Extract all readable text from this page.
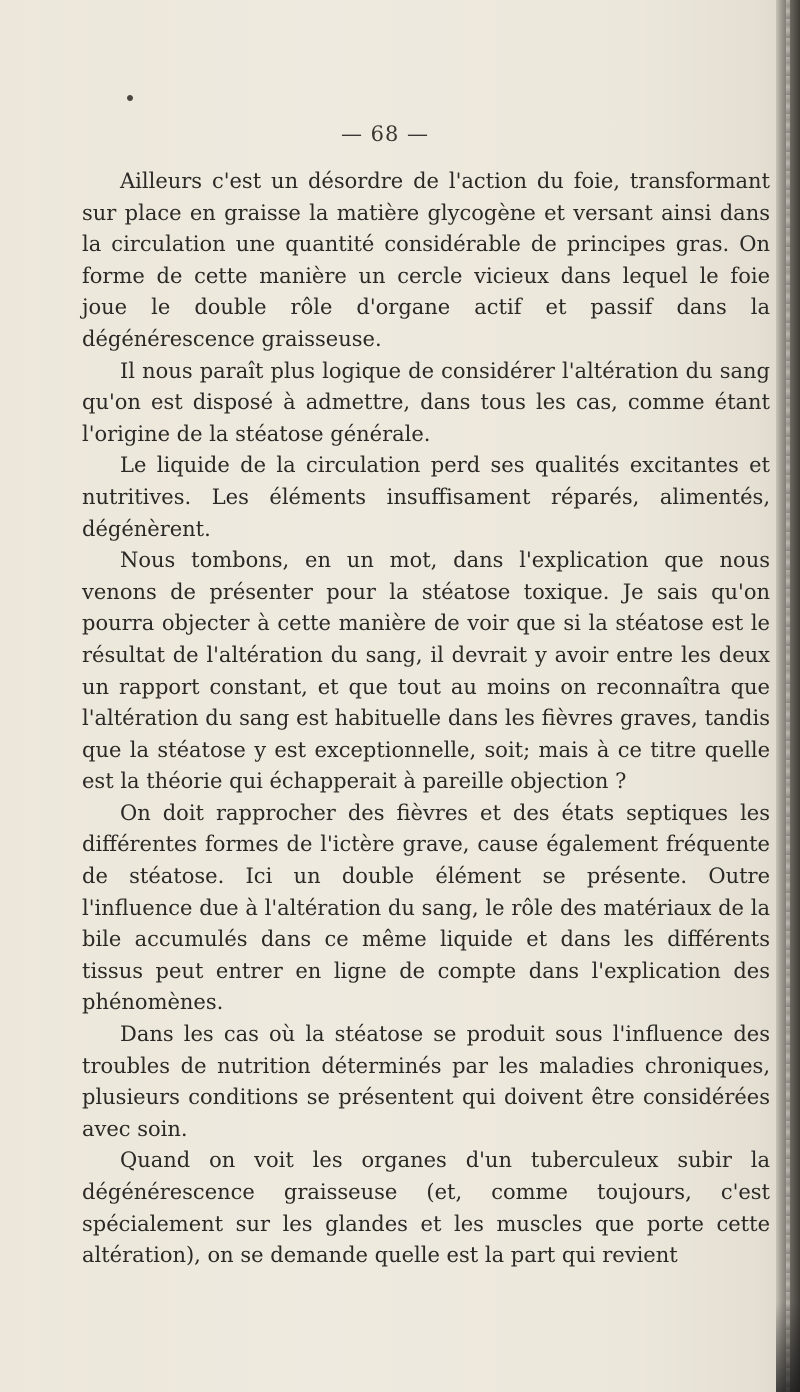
— 68 —

Ailleurs c'est un désordre de l'action du foie, transformant sur place en graisse la matière glycogène et versant ainsi dans la circulation une quantité considérable de principes gras. On forme de cette manière un cercle vicieux dans lequel le foie joue le double rôle d'organe actif et passif dans la dégénérescence graisseuse.

Il nous paraît plus logique de considérer l'altération du sang qu'on est disposé à admettre, dans tous les cas, comme étant l'origine de la stéatose générale.

Le liquide de la circulation perd ses qualités excitantes et nutritives. Les éléments insuffisament réparés, alimentés, dégénèrent.

Nous tombons, en un mot, dans l'explication que nous venons de présenter pour la stéatose toxique. Je sais qu'on pourra objecter à cette manière de voir que si la stéatose est le résultat de l'altération du sang, il devrait y avoir entre les deux un rapport constant, et que tout au moins on reconnaîtra que l'altération du sang est habituelle dans les fièvres graves, tandis que la stéatose y est exceptionnelle, soit; mais à ce titre quelle est la théorie qui échapperait à pareille objection ?

On doit rapprocher des fièvres et des états septiques les différentes formes de l'ictère grave, cause également fréquente de stéatose. Ici un double élément se présente. Outre l'influence due à l'altération du sang, le rôle des matériaux de la bile accumulés dans ce même liquide et dans les différents tissus peut entrer en ligne de compte dans l'explication des phénomènes.

Dans les cas où la stéatose se produit sous l'influence des troubles de nutrition déterminés par les maladies chroniques, plusieurs conditions se présentent qui doivent être considérées avec soin.

Quand on voit les organes d'un tuberculeux subir la dégénérescence graisseuse (et, comme toujours, c'est spécialement sur les glandes et les muscles que porte cette altération), on se demande quelle est la part qui revient
